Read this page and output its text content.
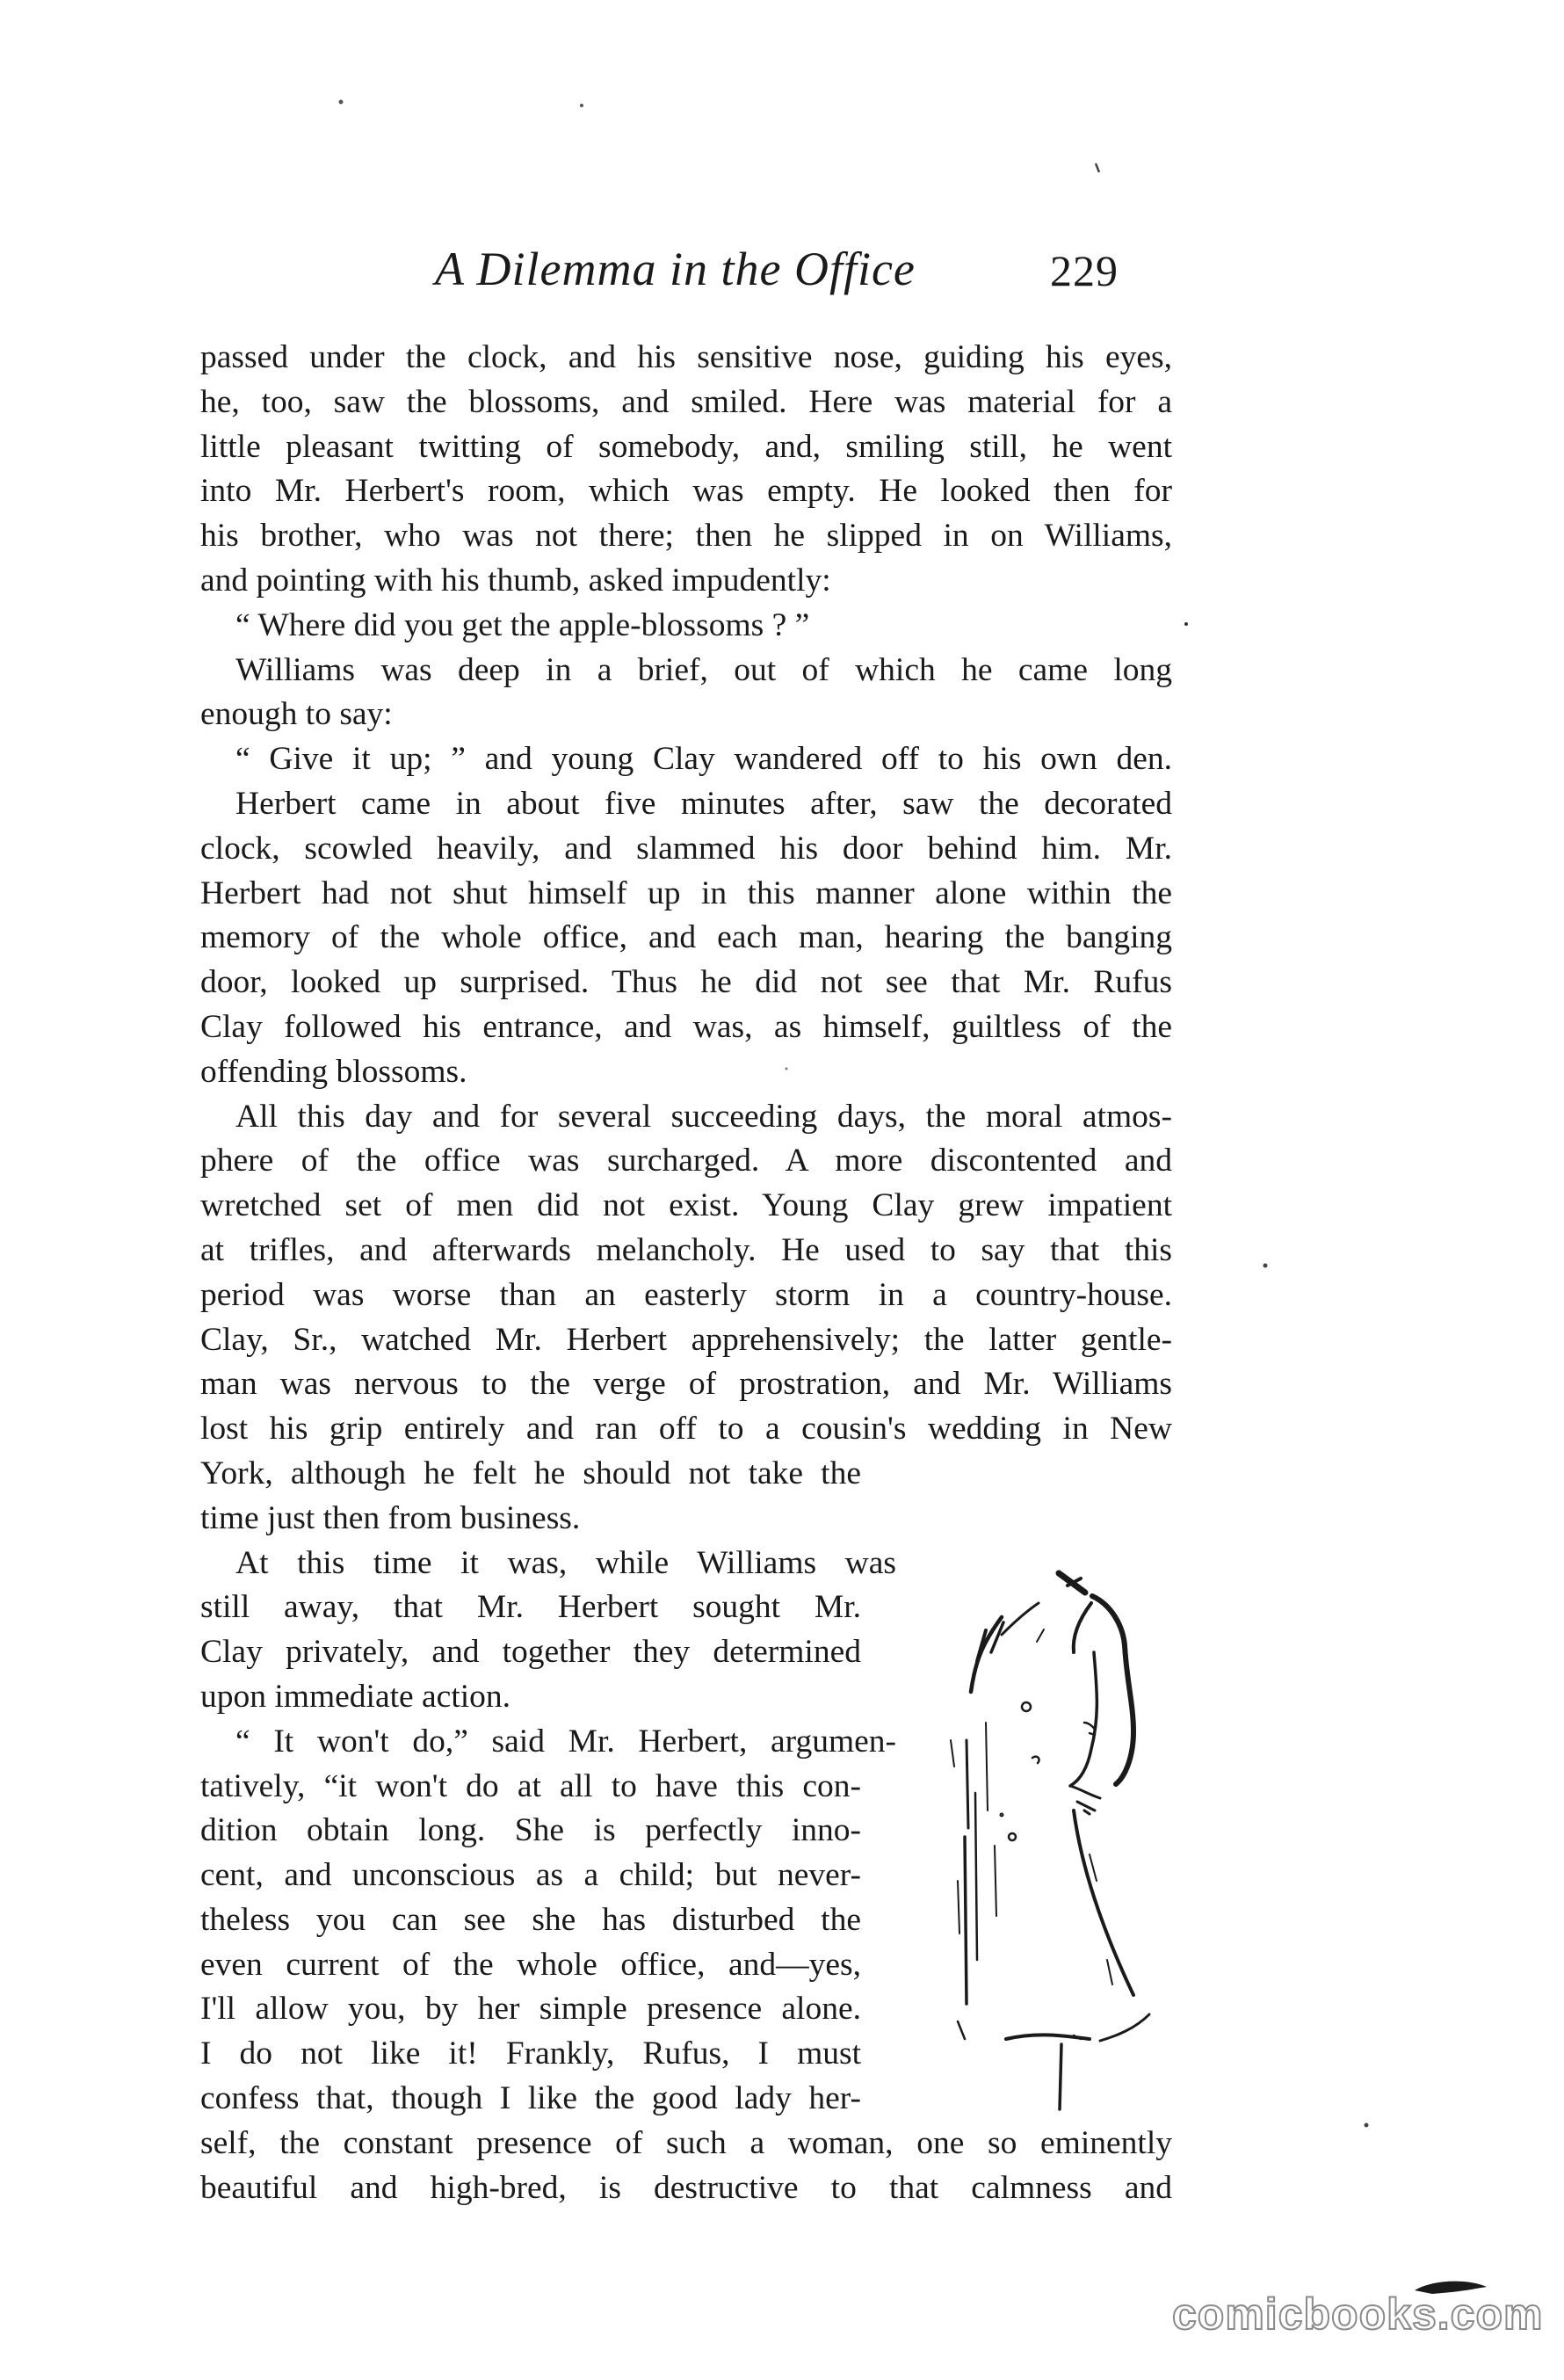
A Dilemma in the Office	229
passed under the clock, and his sensitive nose, guiding his eyes,
he, too, saw the blossoms, and smiled. Here was material for a
little pleasant twitting of somebody, and, smiling still, he went
into Mr. Herbert's room, which was empty. He looked then for
his brother, who was not there; then he slipped in on Williams,
and pointing with his thumb, asked impudently:
“ Where did you get the apple-blossoms ? ”
Williams was deep in a brief, out of which he came long
enough to say:
“ Give it up; ” and young Clay wandered off to his own den.
Herbert came in about five minutes after, saw the decorated
clock, scowled heavily, and slammed his door behind him. Mr.
Herbert had not shut himself up in this manner alone within the
memory of the whole office, and each man, hearing the banging
door, looked up surprised. Thus he did not see that Mr. Rufus
Clay followed his entrance, and was, as himself, guiltless of the
offending blossoms.
All this day and for several succeeding days, the moral atmos-
phere of the office was surcharged. A more discontented and
wretched set of men did not exist. Young Clay grew impatient
at trifles, and afterwards melancholy. He used to say that this
period was worse than an easterly storm in a country-house.
Clay, Sr., watched Mr. Herbert apprehensively; the latter gentle-
man was nervous to the verge of prostration, and Mr. Williams
lost his grip entirely and ran off to a cousin's wedding in New
York, although he felt he should not take the
time just then from business.
At this time it was, while Williams was
still away, that Mr. Herbert sought Mr.
Clay privately, and together they determined
upon immediate action.
“ It won't do,” said Mr. Herbert, argumen-
tatively, “it won't do at all to have this con-
dition obtain long. She is perfectly inno-
cent, and unconscious as a child; but never-
theless you can see she has disturbed the
even current of the whole office, and—yes,
I'll allow you, by her simple presence alone.
I do not like it! Frankly, Rufus, I must
confess that, though I like the good lady her-
self, the constant presence of such a woman, one so eminently
beautiful and high-bred, is destructive to that calmness and
comicbooks.com
